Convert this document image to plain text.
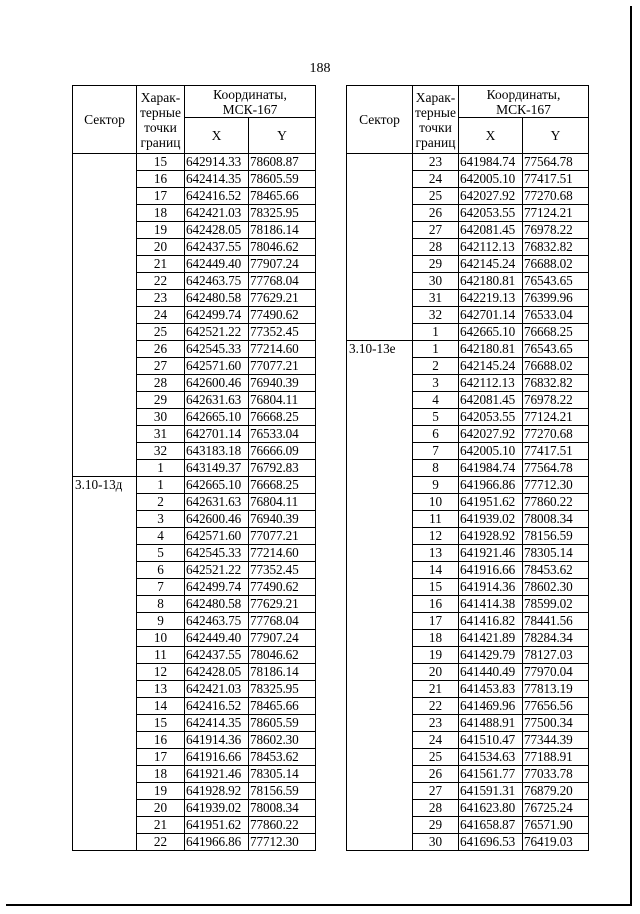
188
Сектор	Харак-
терные
точки
границ	Координаты,
МСК-167	
		X	Y
	15	642914.33	78608.87
	16	642414.35	78605.59
	17	642416.52	78465.66
	18	642421.03	78325.95
	19	642428.05	78186.14
	20	642437.55	78046.62
	21	642449.40	77907.24
	22	642463.75	77768.04
	23	642480.58	77629.21
	24	642499.74	77490.62
	25	642521.22	77352.45
	26	642545.33	77214.60
	27	642571.60	77077.21
	28	642600.46	76940.39
	29	642631.63	76804.11
	30	642665.10	76668.25
	31	642701.14	76533.04
	32	643183.18	76666.09
	1	643149.37	76792.83
3.10-13д	1	642665.10	76668.25
	2	642631.63	76804.11
	3	642600.46	76940.39
	4	642571.60	77077.21
	5	642545.33	77214.60
	6	642521.22	77352.45
	7	642499.74	77490.62
	8	642480.58	77629.21
	9	642463.75	77768.04
	10	642449.40	77907.24
	11	642437.55	78046.62
	12	642428.05	78186.14
	13	642421.03	78325.95
	14	642416.52	78465.66
	15	642414.35	78605.59
	16	641914.36	78602.30
	17	641916.66	78453.62
	18	641921.46	78305.14
	19	641928.92	78156.59
	20	641939.02	78008.34
	21	641951.62	77860.22
	22	641966.86	77712.30
Сектор	Харак-
терные
точки
границ	Координаты,
МСК-167	
		X	Y
	23	641984.74	77564.78
	24	642005.10	77417.51
	25	642027.92	77270.68
	26	642053.55	77124.21
	27	642081.45	76978.22
	28	642112.13	76832.82
	29	642145.24	76688.02
	30	642180.81	76543.65
	31	642219.13	76399.96
	32	642701.14	76533.04
	1	642665.10	76668.25
3.10-13е	1	642180.81	76543.65
	2	642145.24	76688.02
	3	642112.13	76832.82
	4	642081.45	76978.22
	5	642053.55	77124.21
	6	642027.92	77270.68
	7	642005.10	77417.51
	8	641984.74	77564.78
	9	641966.86	77712.30
	10	641951.62	77860.22
	11	641939.02	78008.34
	12	641928.92	78156.59
	13	641921.46	78305.14
	14	641916.66	78453.62
	15	641914.36	78602.30
	16	641414.38	78599.02
	17	641416.82	78441.56
	18	641421.89	78284.34
	19	641429.79	78127.03
	20	641440.49	77970.04
	21	641453.83	77813.19
	22	641469.96	77656.56
	23	641488.91	77500.34
	24	641510.47	77344.39
	25	641534.63	77188.91
	26	641561.77	77033.78
	27	641591.31	76879.20
	28	641623.80	76725.24
	29	641658.87	76571.90
	30	641696.53	76419.03
